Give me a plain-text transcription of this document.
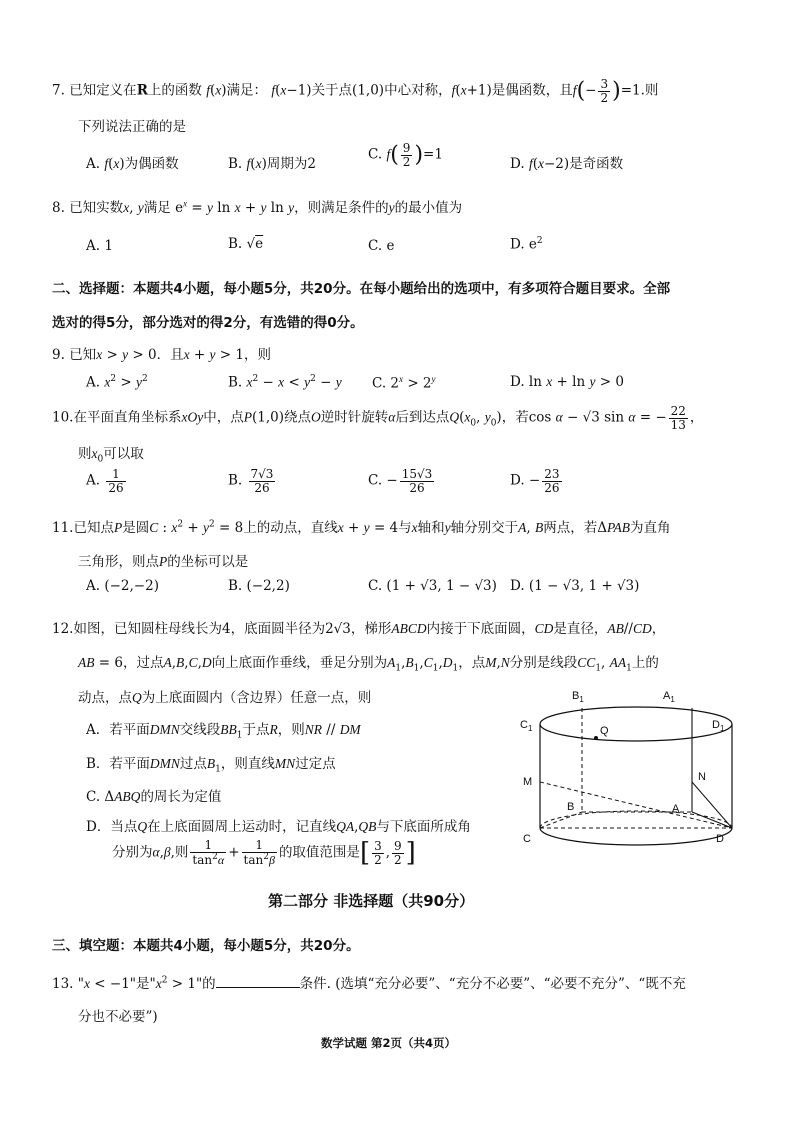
7. 已知定义在R上的函数 f(x)满足： f(x−1)关于点(1,0)中心对称，f(x+1)是偶函数，且$f(- \frac{3}{2} )=1$.则
下列说法正确的是
A. f(x)为偶函数	B. f(x)周期为2
C. $f( \frac{9}{2} )=1$
D. f(x−2)是奇函数
8. 已知实数x, y满足 $e^x = y$ ln x + y ln y，则满足条件的y的最小值为
A. 1	B. √e	C. e	D. $e^2$
二、选择题：本题共4小题，每小题5分，共20分。在每小题给出的选项中，有多项符合题目要求。全部
选对的得5分，部分选对的得2分，有选错的得0分。
9. 已知x > y > 0．且x + y > 1，则
A. $x^2 > y^2$	B. $x^2 - x < y^2 - y$ C. $2^x > 2^y$	D. ln x + ln y > 0
10.在平面直角坐标系xOy中，点P(1,0)绕点O逆时针旋转α后到达点$Q(x_0$, $y_0$)，若cos α − √3 sin α = − $\frac{22}{13}$ ，
则$x_0$可以取
A. $\frac{1}{26}$	B. $\frac{7√3}{26}$	C. − $\frac{15√3}{26}$	D. − $\frac{23}{26}$
11.已知点P是圆C : $x^2 + y^2 = 8$上的动点，直线x + y = 4与x轴和y轴分别交于A, B两点，若ΔPAB为直角
三角形，则点P的坐标可以是
A. (−2,−2)	B. (−2,2)	C. (1 + √3, 1 − √3) D. (1 − √3, 1 + √3)
12.如图，已知圆柱母线长为4，底面圆半径为2√3，梯形ABCD内接于下底面圆，CD是直径，AB//CD，
AB = 6，过点A,B,C,D向上底面作垂线，垂足分别为$A_1,B_1,C_1,D_1$，点M,N分别是线段$CC_1$, $AA_1$上的
动点，点Q为上底面圆内（含边界）任意一点，则
A．若平面DMN交线段$BB_1$于点R，则NR // DM
B．若平面DMN过点$B_1$，则直线MN过定点
C. ΔABQ的周长为定值
D．当点Q在上底面圆周上运动时，记直线QA,QB与下底面所成角
分别为α,β,则 $\frac{1}{\tan^2\alpha} + \frac{1}{\tan^2\beta}$ 的取值范围是[ $\frac{3}{2}$ , $\frac{9}{2}$ ]
$B_1$	$A_1$
$C_1$	$D_1$
Q
M	N
B	A
C	D
第二部分 非选择题（共90分）
三、填空题：本题共4小题，每小题5分，共20分。
13. "x < −1"是"$x^2 > 1$"的	条件. (选填“充分必要”、“充分不必要”、“必要不充分”、“既不充
分也不必要”)
数学试题 第2页（共4页）
